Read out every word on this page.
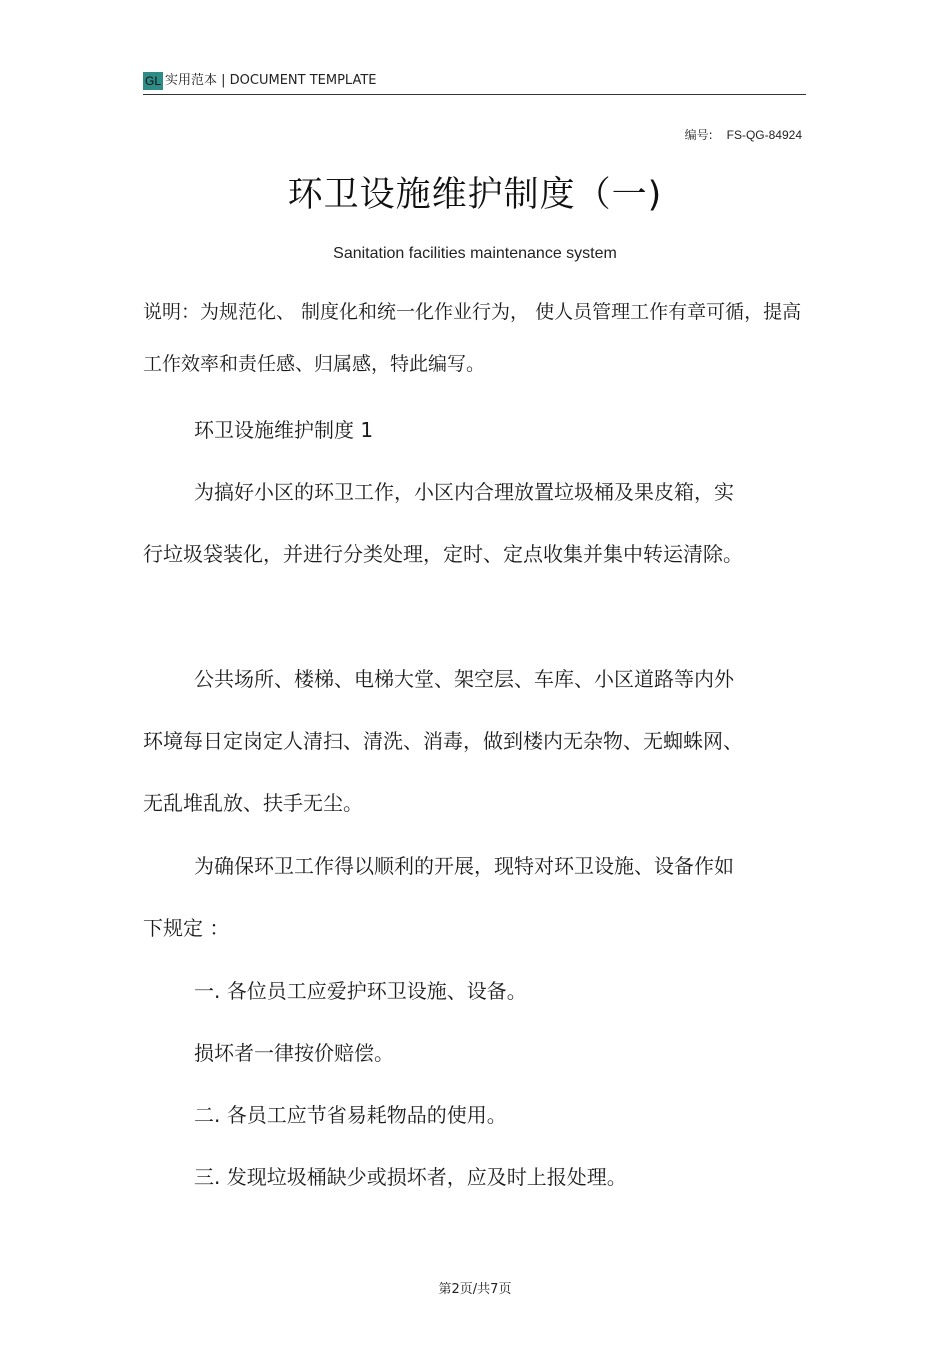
GL 实用范本 | DOCUMENT TEMPLATE
编号: FS-QG-84924
环卫设施维护制度（一)
Sanitation facilities maintenance system
说明：为规范化、 制度化和统一化作业行为， 使人员管理工作有章可循，提高工作效率和责任感、归属感，特此编写。
环卫设施维护制度 1
为搞好小区的环卫工作，小区内合理放置垃圾桶及果皮箱，实行垃圾袋装化，并进行分类处理，定时、定点收集并集中转运清除。
公共场所、楼梯、电梯大堂、架空层、车库、小区道路等内外环境每日定岗定人清扫、清洗、消毒，做到楼内无杂物、无蜘蛛网、无乱堆乱放、扶手无尘。
为确保环卫工作得以顺利的开展，现特对环卫设施、设备作如下规定 ：
一. 各位员工应爱护环卫设施、设备。
损坏者一律按价赔偿。
二. 各员工应节省易耗物品的使用。
三. 发现垃圾桶缺少或损坏者，应及时上报处理。
第2页/共7页
